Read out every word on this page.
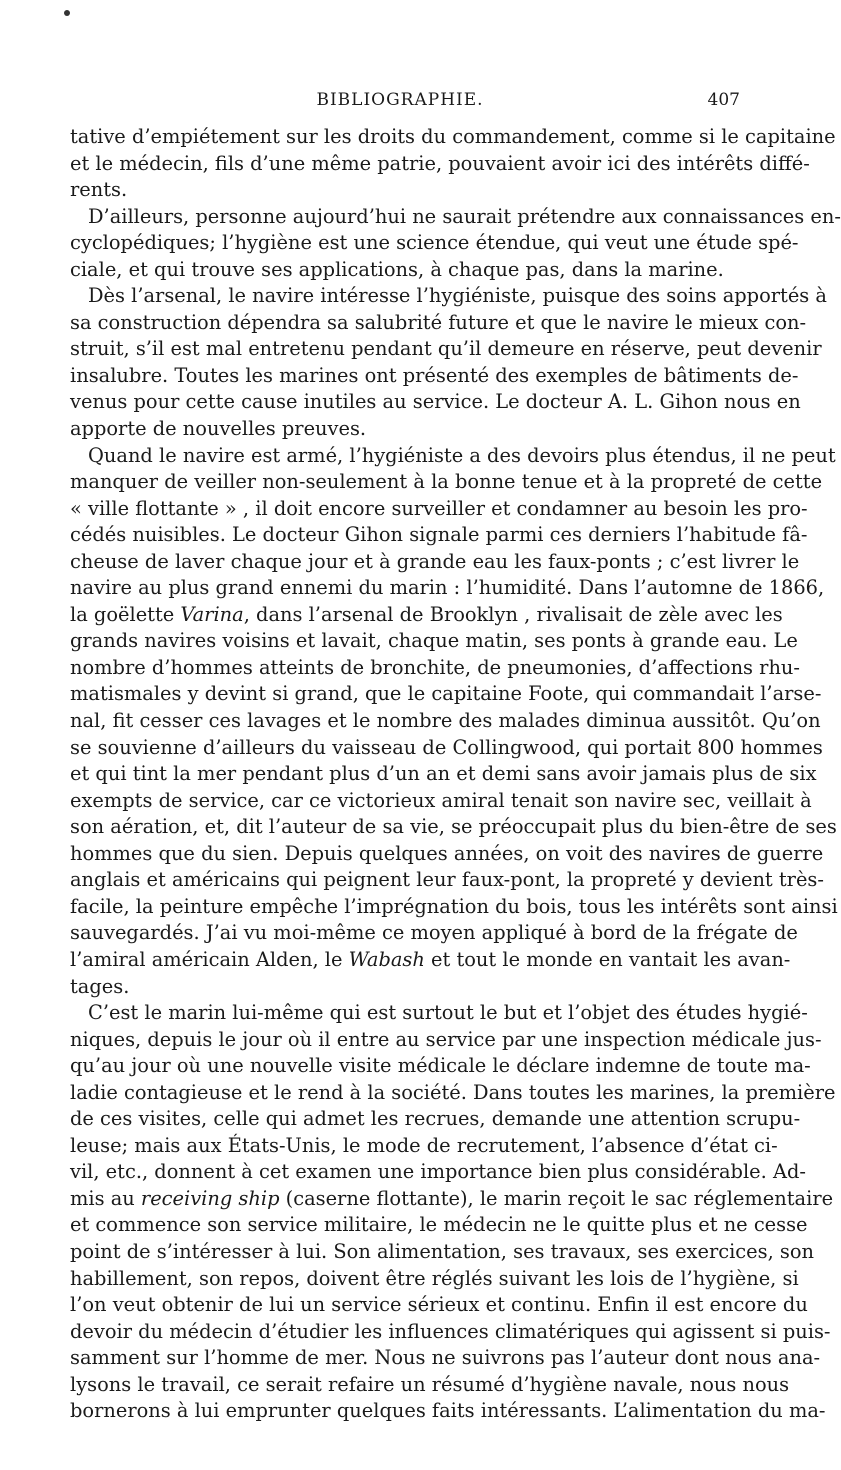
BIBLIOGRAPHIE.	407
tative d’empiétement sur les droits du commandement, comme si le capitaine
et le médecin, fils d’une même patrie, pouvaient avoir ici des intérêts diffé-
rents.
D’ailleurs, personne aujourd’hui ne saurait prétendre aux connaissances en-
cyclopédiques; l’hygiène est une science étendue, qui veut une étude spé-
ciale, et qui trouve ses applications, à chaque pas, dans la marine.
Dès l’arsenal, le navire intéresse l’hygiéniste, puisque des soins apportés à
sa construction dépendra sa salubrité future et que le navire le mieux con-
struit, s’il est mal entretenu pendant qu’il demeure en réserve, peut devenir
insalubre. Toutes les marines ont présenté des exemples de bâtiments de-
venus pour cette cause inutiles au service. Le docteur A. L. Gihon nous en
apporte de nouvelles preuves.
Quand le navire est armé, l’hygiéniste a des devoirs plus étendus, il ne peut
manquer de veiller non-seulement à la bonne tenue et à la propreté de cette
« ville flottante » , il doit encore surveiller et condamner au besoin les pro-
cédés nuisibles. Le docteur Gihon signale parmi ces derniers l’habitude fâ-
cheuse de laver chaque jour et à grande eau les faux-ponts ; c’est livrer le
navire au plus grand ennemi du marin : l’humidité. Dans l’automne de 1866,
la goëlette Varina, dans l’arsenal de Brooklyn , rivalisait de zèle avec les
grands navires voisins et lavait, chaque matin, ses ponts à grande eau. Le
nombre d’hommes atteints de bronchite, de pneumonies, d’affections rhu-
matismales y devint si grand, que le capitaine Foote, qui commandait l’arse-
nal, fit cesser ces lavages et le nombre des malades diminua aussitôt. Qu’on
se souvienne d’ailleurs du vaisseau de Collingwood, qui portait 800 hommes
et qui tint la mer pendant plus d’un an et demi sans avoir jamais plus de six
exempts de service, car ce victorieux amiral tenait son navire sec, veillait à
son aération, et, dit l’auteur de sa vie, se préoccupait plus du bien-être de ses
hommes que du sien. Depuis quelques années, on voit des navires de guerre
anglais et américains qui peignent leur faux-pont, la propreté y devient très-
facile, la peinture empêche l’imprégnation du bois, tous les intérêts sont ainsi
sauvegardés. J’ai vu moi-même ce moyen appliqué à bord de la frégate de
l’amiral américain Alden, le Wabash et tout le monde en vantait les avan-
tages.
C’est le marin lui-même qui est surtout le but et l’objet des études hygié-
niques, depuis le jour où il entre au service par une inspection médicale jus-
qu’au jour où une nouvelle visite médicale le déclare indemne de toute ma-
ladie contagieuse et le rend à la société. Dans toutes les marines, la première
de ces visites, celle qui admet les recrues, demande une attention scrupu-
leuse; mais aux États-Unis, le mode de recrutement, l’absence d’état ci-
vil, etc., donnent à cet examen une importance bien plus considérable. Ad-
mis au receiving ship (caserne flottante), le marin reçoit le sac réglementaire
et commence son service militaire, le médecin ne le quitte plus et ne cesse
point de s’intéresser à lui. Son alimentation, ses travaux, ses exercices, son
habillement, son repos, doivent être réglés suivant les lois de l’hygiène, si
l’on veut obtenir de lui un service sérieux et continu. Enfin il est encore du
devoir du médecin d’étudier les influences climatériques qui agissent si puis-
samment sur l’homme de mer. Nous ne suivrons pas l’auteur dont nous ana-
lysons le travail, ce serait refaire un résumé d’hygiène navale, nous nous
bornerons à lui emprunter quelques faits intéressants. L’alimentation du ma-
